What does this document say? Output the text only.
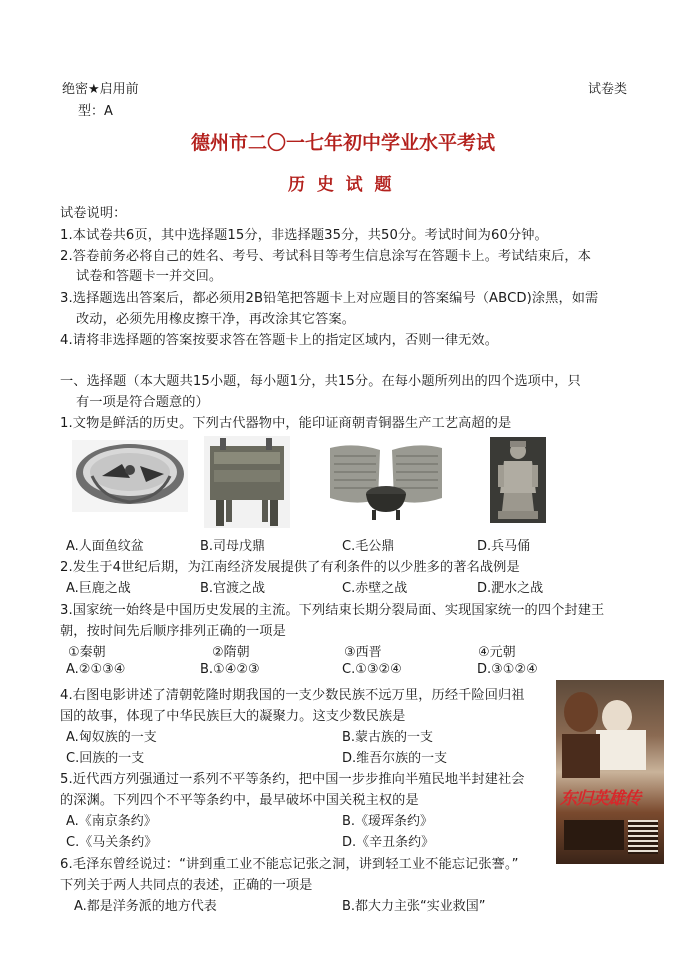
绝密★启用前	试卷类
型：A
德州市二〇一七年初中学业水平考试
历  史  试  题
试卷说明：
1.本试卷共6页，其中选择题15分，非选择题35分，共50分。考试时间为60分钟。
2.答卷前务必将自己的姓名、考号、考试科目等考生信息涂写在答题卡上。考试结束后，本
试卷和答题卡一并交回。
3.选择题选出答案后，都必须用2B铅笔把答题卡上对应题目的答案编号（ABCD)涂黑，如需
改动，必须先用橡皮擦干净，再改涂其它答案。
4.请将非选择题的答案按要求答在答题卡上的指定区域内，否则一律无效。
一、选择题（本大题共15小题，每小题1分，共15分。在每小题所列出的四个选项中，只
有一项是符合题意的）
1.文物是鲜活的历史。下列古代器物中，能印证商朝青铜器生产工艺高超的是
A.人面鱼纹盆	B.司母戊鼎	C.毛公鼎	D.兵马俑
2.发生于4世纪后期，为江南经济发展提供了有利条件的以少胜多的著名战例是
A.巨鹿之战	B.官渡之战	C.赤壁之战	D.淝水之战
3.国家统一始终是中国历史发展的主流。下列结束长期分裂局面、实现国家统一的四个封建王
朝，按时间先后顺序排列正确的一项是
①秦朝	②隋朝	③西晋	④元朝
A.②①③④	B.①④②③	C.①③②④	D.③①②④
4.右图电影讲述了清朝乾隆时期我国的一支少数民族不远万里，历经千险回归祖
国的故事，体现了中华民族巨大的凝聚力。这支少数民族是
A.匈奴族的一支	B.蒙古族的一支
C.回族的一支	D.维吾尔族的一支
东归英雄传
5.近代西方列强通过一系列不平等条约，把中国一步步推向半殖民地半封建社会
的深渊。下列四个不平等条约中，最早破坏中国关税主权的是
A.《南京条约》	B.《瑷珲条约》
C.《马关条约》	D.《辛丑条约》
6.毛泽东曾经说过：“讲到重工业不能忘记张之洞，讲到轻工业不能忘记张謇。”
下列关于两人共同点的表述，正确的一项是
A.都是洋务派的地方代表	B.都大力主张“实业救国”
